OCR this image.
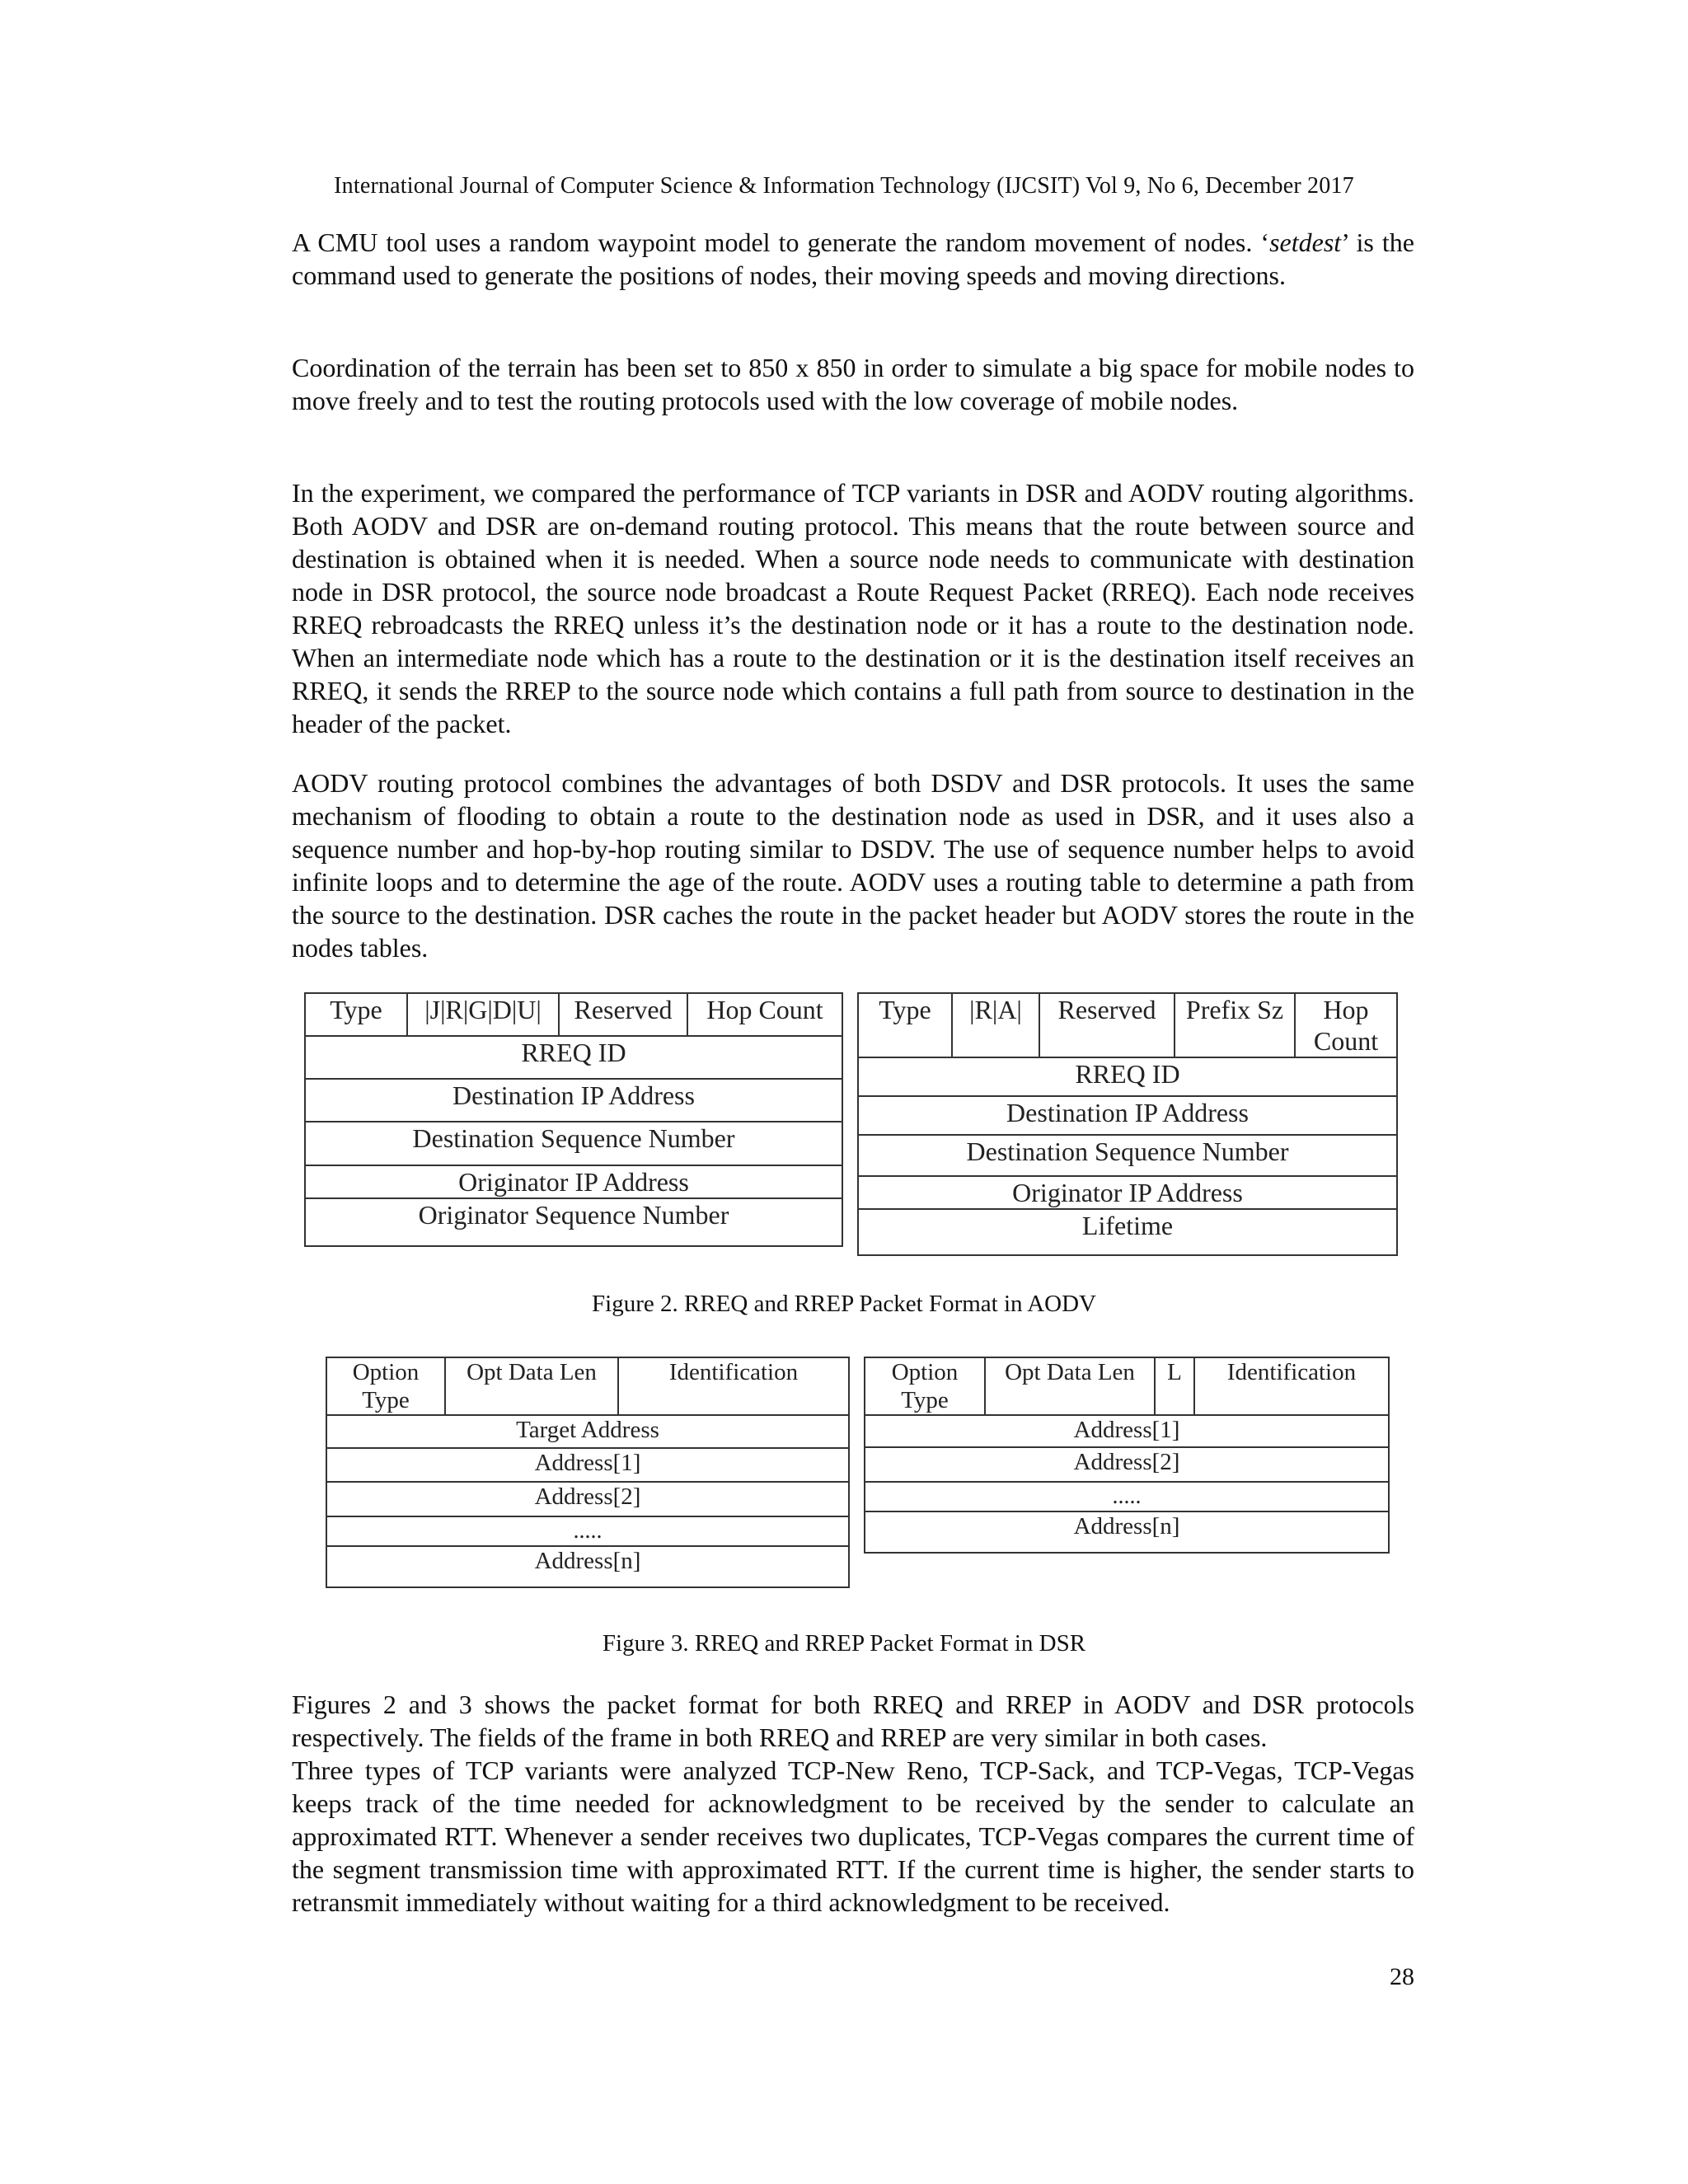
International Journal of Computer Science & Information Technology (IJCSIT) Vol 9, No 6, December 2017

A CMU tool uses a random waypoint model to generate the random movement of nodes. ‘setdest’ is the command used to generate the positions of nodes, their moving speeds and moving directions.

Coordination of the terrain has been set to 850 x 850 in order to simulate a big space for mobile nodes to move freely and to test the routing protocols used with the low coverage of mobile nodes.

In the experiment, we compared the performance of TCP variants in DSR and AODV routing algorithms. Both AODV and DSR are on-demand routing protocol. This means that the route between source and destination is obtained when it is needed. When a source node needs to communicate with destination node in DSR protocol, the source node broadcast a Route Request Packet (RREQ). Each node receives RREQ rebroadcasts the RREQ unless it’s the destination node or it has a route to the destination node. When an intermediate node which has a route to the destination or it is the destination itself receives an RREQ, it sends the RREP to the source node which contains a full path from source to destination in the header of the packet.

AODV routing protocol combines the advantages of both DSDV and DSR protocols. It uses the same mechanism of flooding to obtain a route to the destination node as used in DSR, and it uses also a sequence number and hop-by-hop routing similar to DSDV. The use of sequence number helps to avoid infinite loops and to determine the age of the route. AODV uses a routing table to determine a path from the source to the destination. DSR caches the route in the packet header but AODV stores the route in the nodes tables.

Type	|J|R|G|D|U|	Reserved	Hop Count
RREQ ID
Destination IP Address
Destination Sequence Number
Originator IP Address
Originator Sequence Number
Type	|R|A|	Reserved	Prefix Sz	Hop Count
RREQ ID
Destination IP Address
Destination Sequence Number
Originator IP Address
Lifetime
Figure 2. RREQ and RREP Packet Format in AODV
Option Type	Opt Data Len	Identification
Target Address
Address[1]
Address[2]
.....
Address[n]
Option Type	Opt Data Len	L	Identification
Address[1]
Address[2]
.....
Address[n]
Figure 3. RREQ and RREP Packet Format in DSR

Figures 2 and 3 shows the packet format for both RREQ and RREP in AODV and DSR protocols respectively. The fields of the frame in both RREQ and RREP are very similar in both cases.

Three types of TCP variants were analyzed TCP-New Reno, TCP-Sack, and TCP-Vegas, TCP-Vegas keeps track of the time needed for acknowledgment to be received by the sender to calculate an approximated RTT. Whenever a sender receives two duplicates, TCP-Vegas compares the current time of the segment transmission time with approximated RTT. If the current time is higher, the sender starts to retransmit immediately without waiting for a third acknowledgment to be received.

28
